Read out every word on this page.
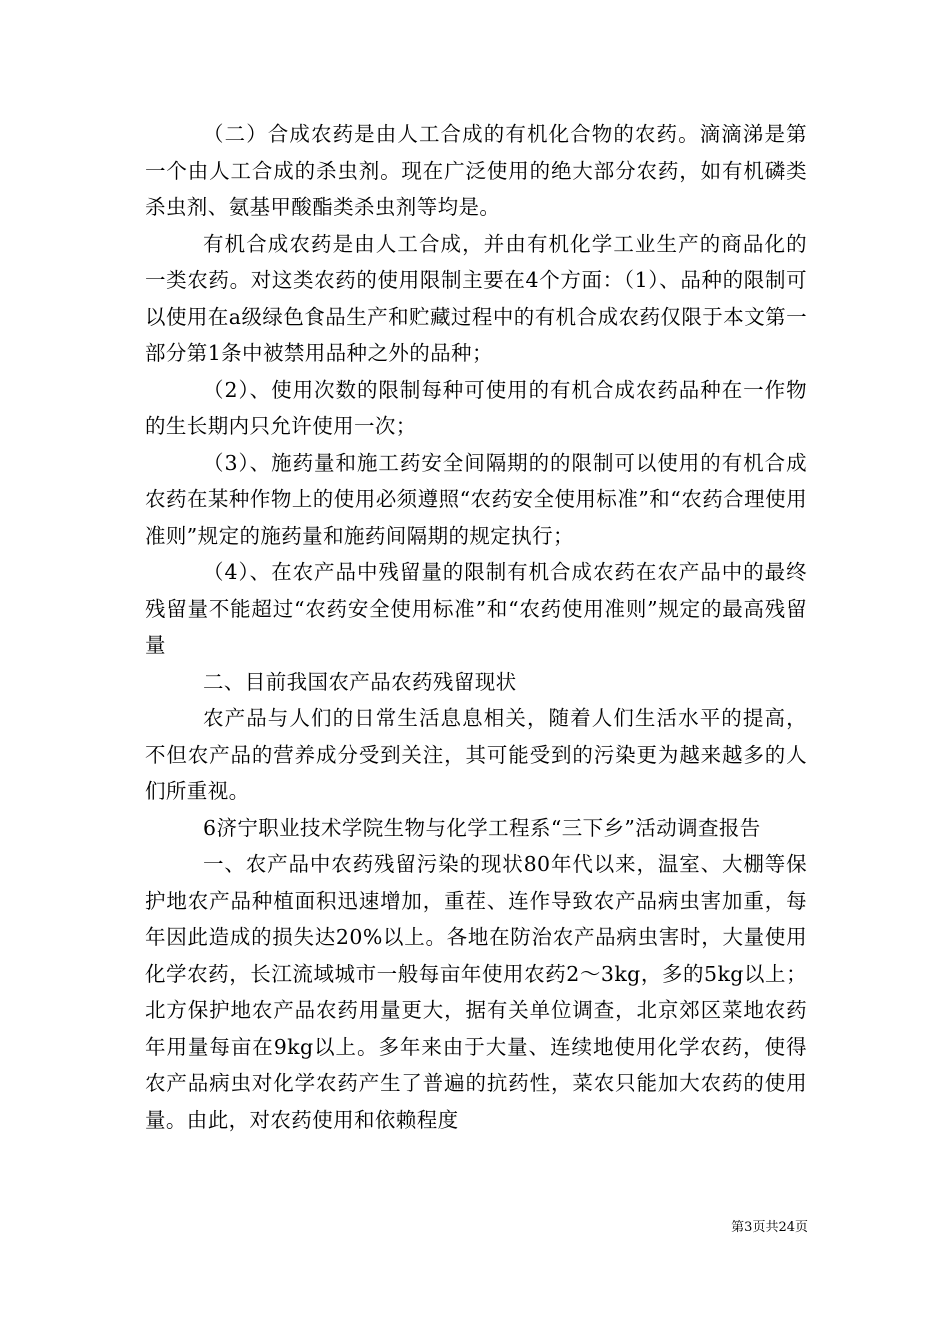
（二）合成农药是由人工合成的有机化合物的农药。滴滴涕是第一个由人工合成的杀虫剂。现在广泛使用的绝大部分农药，如有机磷类杀虫剂、氨基甲酸酯类杀虫剂等均是。

有机合成农药是由人工合成，并由有机化学工业生产的商品化的一类农药。对这类农药的使用限制主要在4个方面：（1）、品种的限制可以使用在a级绿色食品生产和贮藏过程中的有机合成农药仅限于本文第一部分第1条中被禁用品种之外的品种；

（2）、使用次数的限制每种可使用的有机合成农药品种在一作物的生长期内只允许使用一次；

（3）、施药量和施工药安全间隔期的的限制可以使用的有机合成农药在某种作物上的使用必须遵照“农药安全使用标准”和“农药合理使用准则”规定的施药量和施药间隔期的规定执行；

（4）、在农产品中残留量的限制有机合成农药在农产品中的最终残留量不能超过“农药安全使用标准”和“农药使用准则”规定的最高残留量

二、目前我国农产品农药残留现状

农产品与人们的日常生活息息相关，随着人们生活水平的提高，不但农产品的营养成分受到关注，其可能受到的污染更为越来越多的人们所重视。

6济宁职业技术学院生物与化学工程系“三下乡”活动调查报告

一、农产品中农药残留污染的现状80年代以来，温室、大棚等保护地农产品种植面积迅速增加，重茬、连作导致农产品病虫害加重，每年因此造成的损失达20%以上。各地在防治农产品病虫害时，大量使用化学农药，长江流域城市一般每亩年使用农药2～3kg，多的5kg以上；北方保护地农产品农药用量更大，据有关单位调查，北京郊区菜地农药年用量每亩在9kg以上。多年来由于大量、连续地使用化学农药，使得农产品病虫对化学农药产生了普遍的抗药性，菜农只能加大农药的使用量。由此，对农药使用和依赖程度

第3页共24页
